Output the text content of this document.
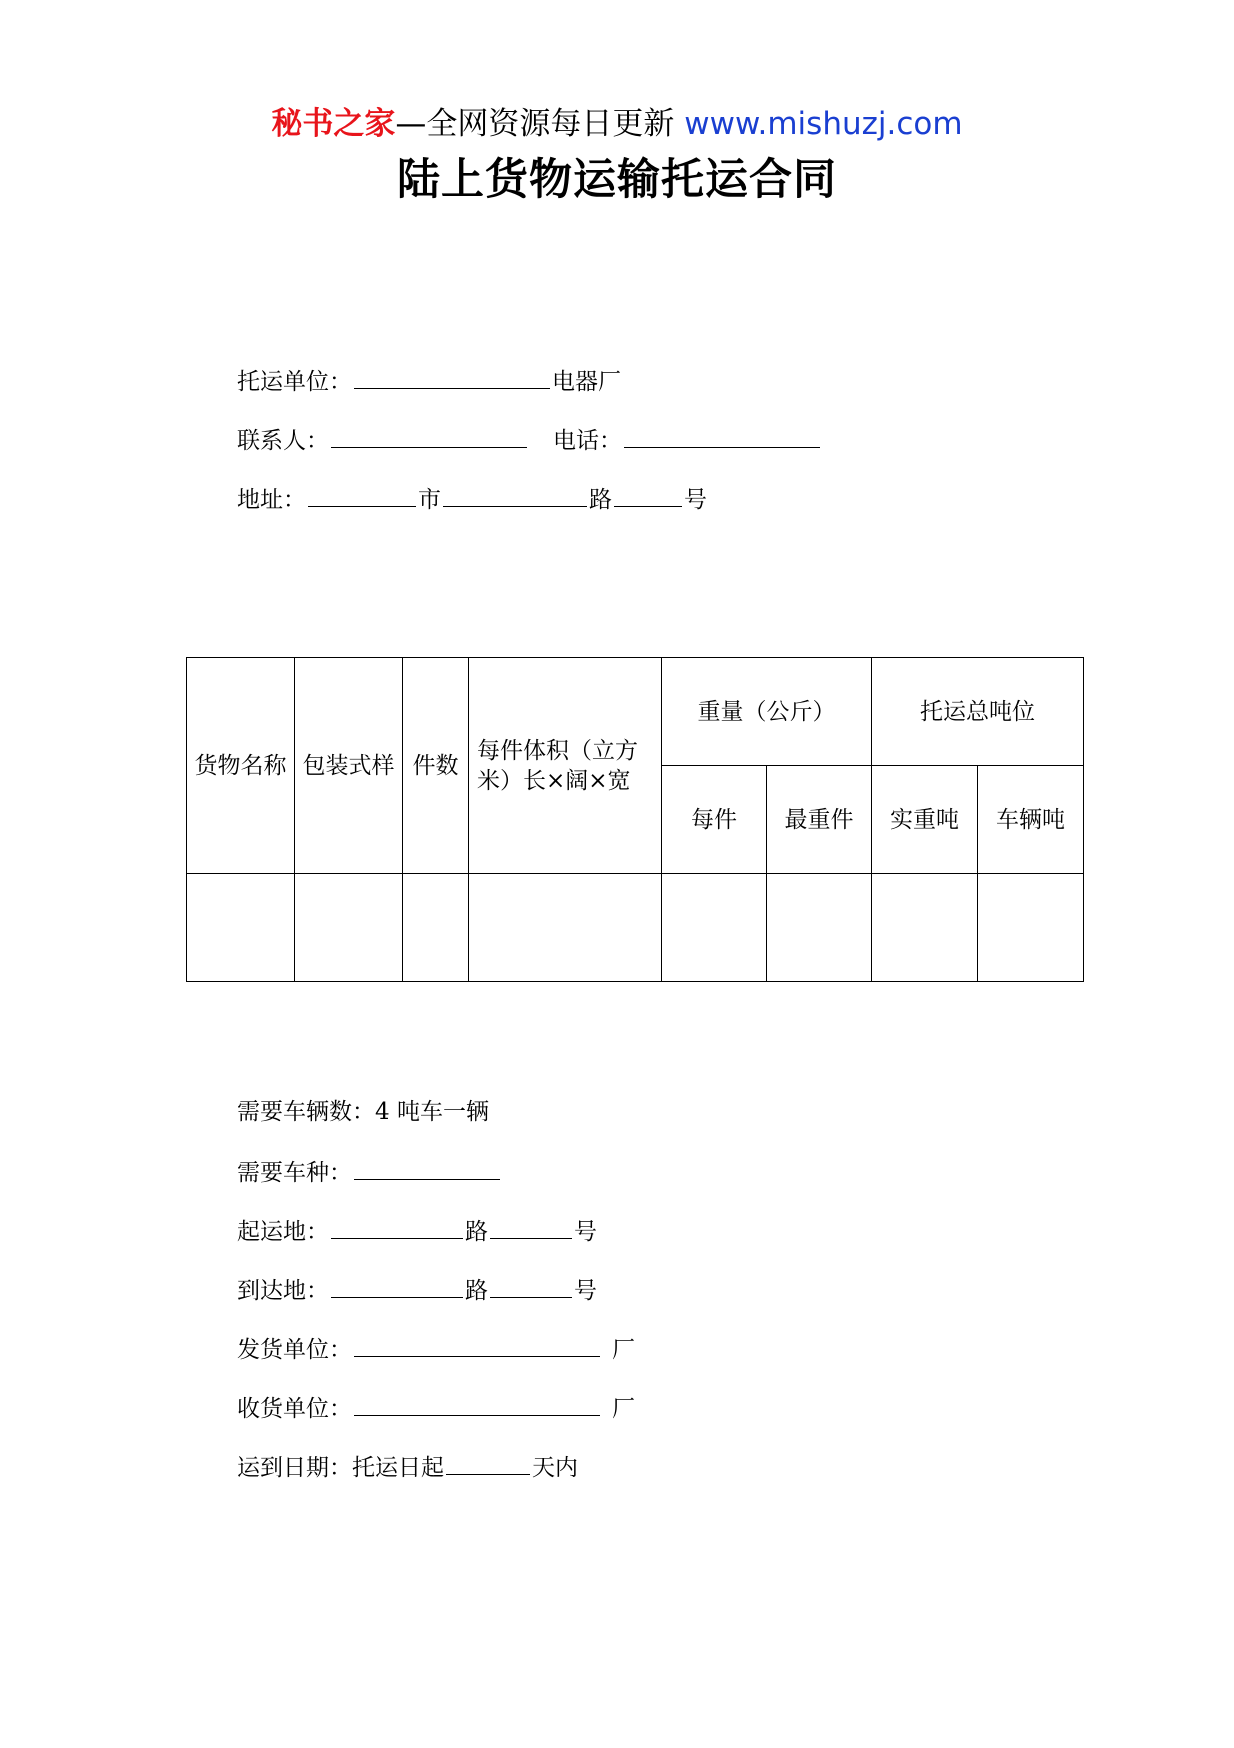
秘书之家—全网资源每日更新 www.mishuzj.com
陆上货物运输托运合同
托运单位：	电器厂
联系人：	电话：
地址：	市	路	号
货物名称	包装式样	件数	每件体积（立方米）长×阔×宽	重量（公斤）		托运总吨位	
				每件	最重件	实重吨	车辆吨

需要车辆数：4 吨车一辆
需要车种：
起运地：	路	号
到达地：	路	号
发货单位：	厂
收货单位：	厂
运到日期：托运日起	天内
